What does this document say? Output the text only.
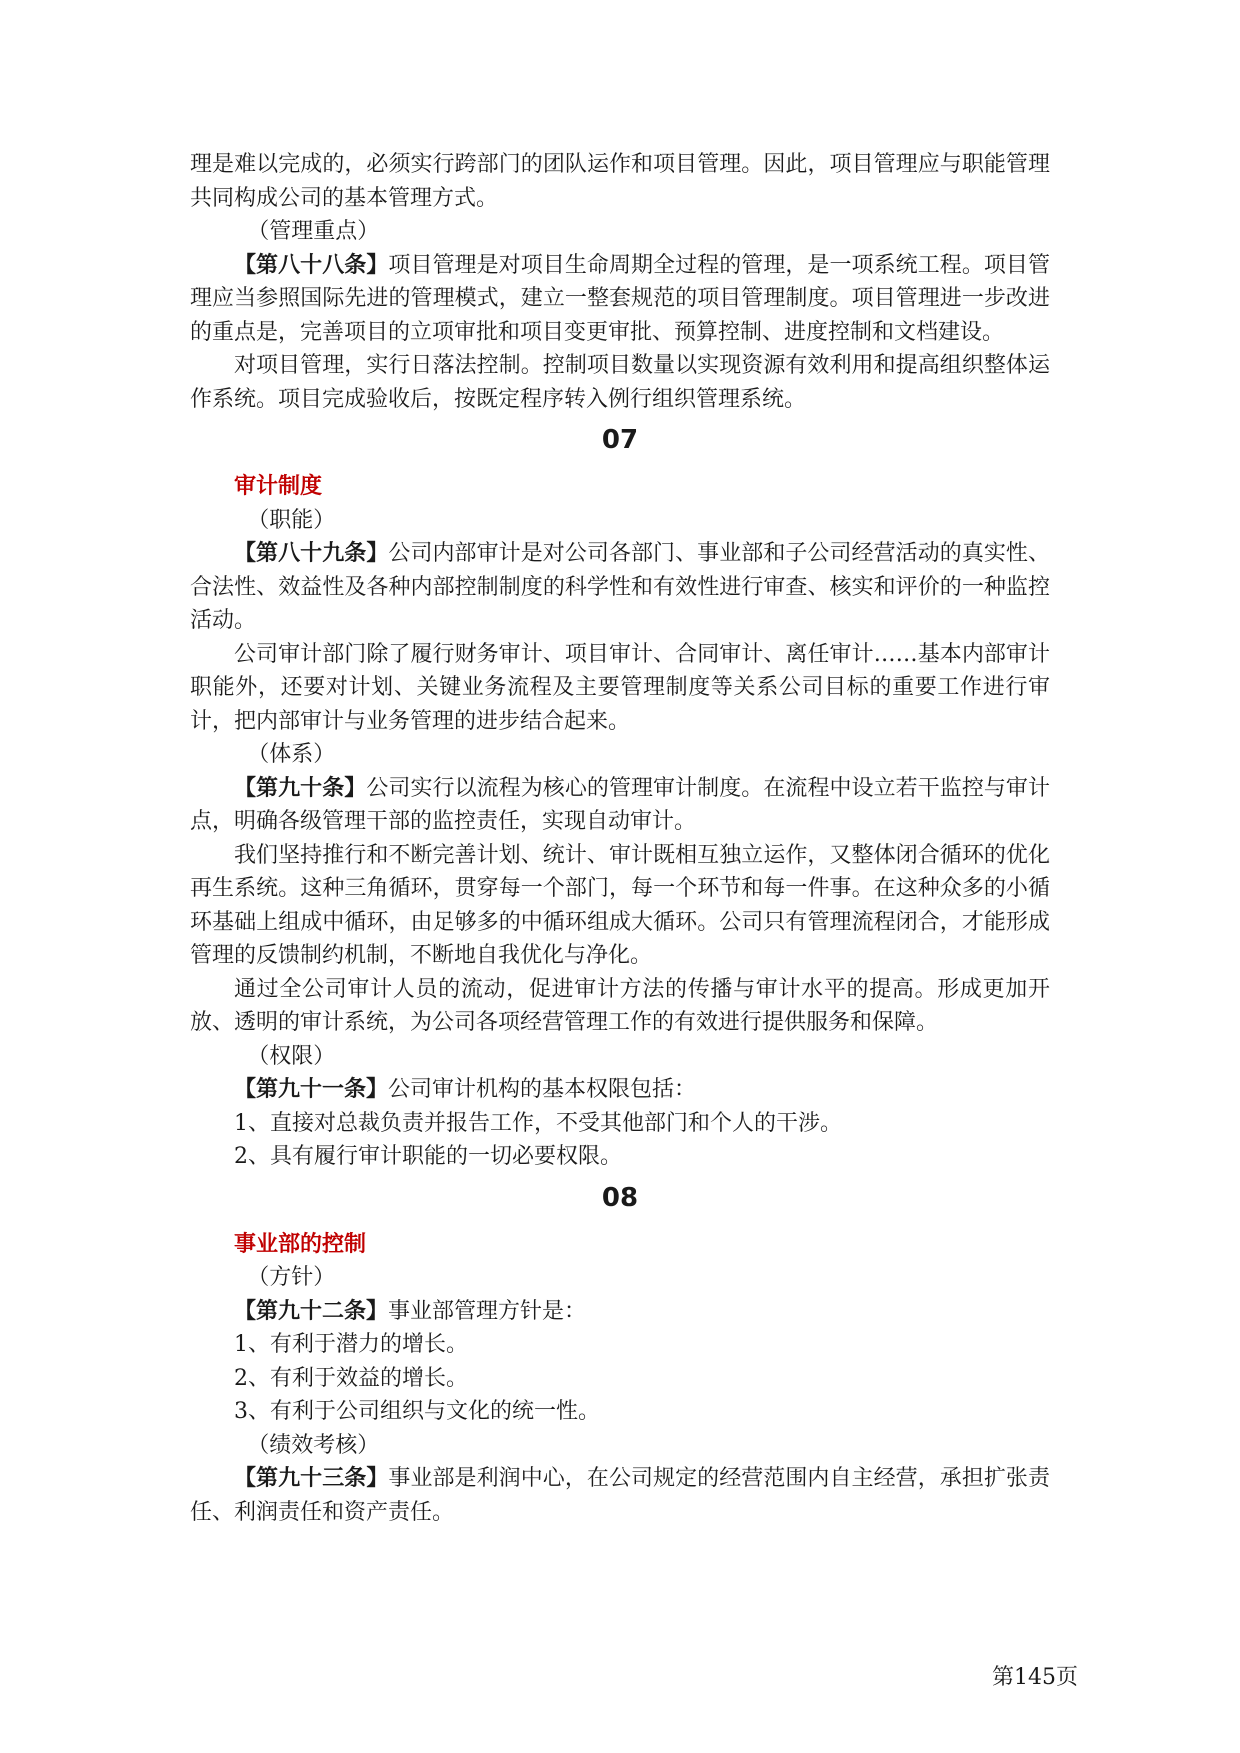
理是难以完成的，必须实行跨部门的团队运作和项目管理。因此，项目管理应与职能管理共同构成公司的基本管理方式。

（管理重点）

【第八十八条】项目管理是对项目生命周期全过程的管理，是一项系统工程。项目管理应当参照国际先进的管理模式，建立一整套规范的项目管理制度。项目管理进一步改进的重点是，完善项目的立项审批和项目变更审批、预算控制、进度控制和文档建设。

对项目管理，实行日落法控制。控制项目数量以实现资源有效利用和提高组织整体运作系统。项目完成验收后，按既定程序转入例行组织管理系统。

07

审计制度

（职能）

【第八十九条】公司内部审计是对公司各部门、事业部和子公司经营活动的真实性、合法性、效益性及各种内部控制制度的科学性和有效性进行审查、核实和评价的一种监控活动。

公司审计部门除了履行财务审计、项目审计、合同审计、离任审计……基本内部审计职能外，还要对计划、关键业务流程及主要管理制度等关系公司目标的重要工作进行审计，把内部审计与业务管理的进步结合起来。

（体系）

【第九十条】公司实行以流程为核心的管理审计制度。在流程中设立若干监控与审计点，明确各级管理干部的监控责任，实现自动审计。

我们坚持推行和不断完善计划、统计、审计既相互独立运作，又整体闭合循环的优化再生系统。这种三角循环，贯穿每一个部门，每一个环节和每一件事。在这种众多的小循环基础上组成中循环，由足够多的中循环组成大循环。公司只有管理流程闭合，才能形成管理的反馈制约机制，不断地自我优化与净化。

通过全公司审计人员的流动，促进审计方法的传播与审计水平的提高。形成更加开放、透明的审计系统，为公司各项经营管理工作的有效进行提供服务和保障。

（权限）

【第九十一条】公司审计机构的基本权限包括：

1、直接对总裁负责并报告工作，不受其他部门和个人的干涉。

2、具有履行审计职能的一切必要权限。

08

事业部的控制

（方针）

【第九十二条】事业部管理方针是：

1、有利于潜力的增长。

2、有利于效益的增长。

3、有利于公司组织与文化的统一性。

（绩效考核）

【第九十三条】事业部是利润中心，在公司规定的经营范围内自主经营，承担扩张责任、利润责任和资产责任。

第145页
